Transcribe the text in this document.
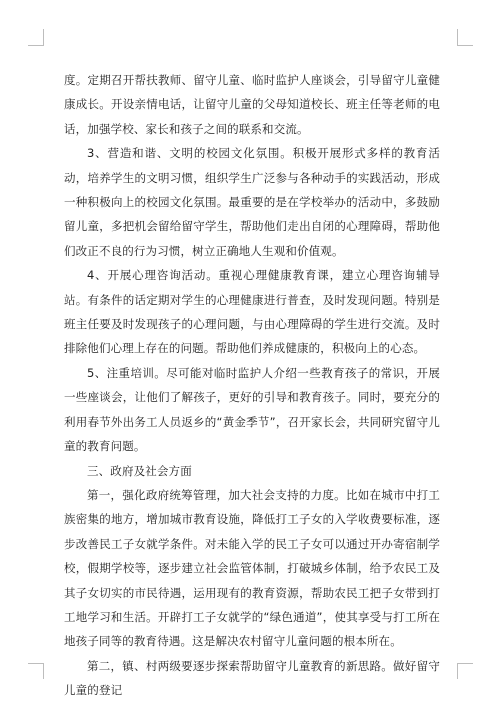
度。定期召开帮扶教师、留守儿童、临时监护人座谈会，引导留守儿童健康成长。开设亲情电话，让留守儿童的父母知道校长、班主任等老师的电话，加强学校、家长和孩子之间的联系和交流。

3、营造和谐、文明的校园文化氛围。积极开展形式多样的教育活动，培养学生的文明习惯，组织学生广泛参与各种动手的实践活动，形成一种积极向上的校园文化氛围。最重要的是在学校举办的活动中，多鼓励留儿童，多把机会留给留守学生，帮助他们走出自闭的心理障碍，帮助他们改正不良的行为习惯，树立正确地人生观和价值观。

4、开展心理咨询活动。重视心理健康教育课，建立心理咨询辅导站。有条件的话定期对学生的心理健康进行普查，及时发现问题。特别是班主任要及时发现孩子的心理问题，与由心理障碍的学生进行交流。及时排除他们心理上存在的问题。帮助他们养成健康的，积极向上的心态。

5、注重培训。尽可能对临时监护人介绍一些教育孩子的常识，开展一些座谈会，让他们了解孩子，更好的引导和教育孩子。同时，要充分的利用春节外出务工人员返乡的“黄金季节”，召开家长会，共同研究留守儿童的教育问题。

三、政府及社会方面

第一，强化政府统筹管理，加大社会支持的力度。比如在城市中打工族密集的地方，增加城市教育设施，降低打工子女的入学收费要标准，逐步改善民工子女就学条件。对未能入学的民工子女可以通过开办寄宿制学校，假期学校等，逐步建立社会监管体制，打破城乡体制，给予农民工及其子女切实的市民待遇，运用现有的教育资源，帮助农民工把子女带到打工地学习和生活。开辟打工子女就学的“绿色通道”，使其享受与打工所在地孩子同等的教育待遇。这是解决农村留守儿童问题的根本所在。

第二，镇、村两级要逐步探索帮助留守儿童教育的新思路。做好留守儿童的登记
